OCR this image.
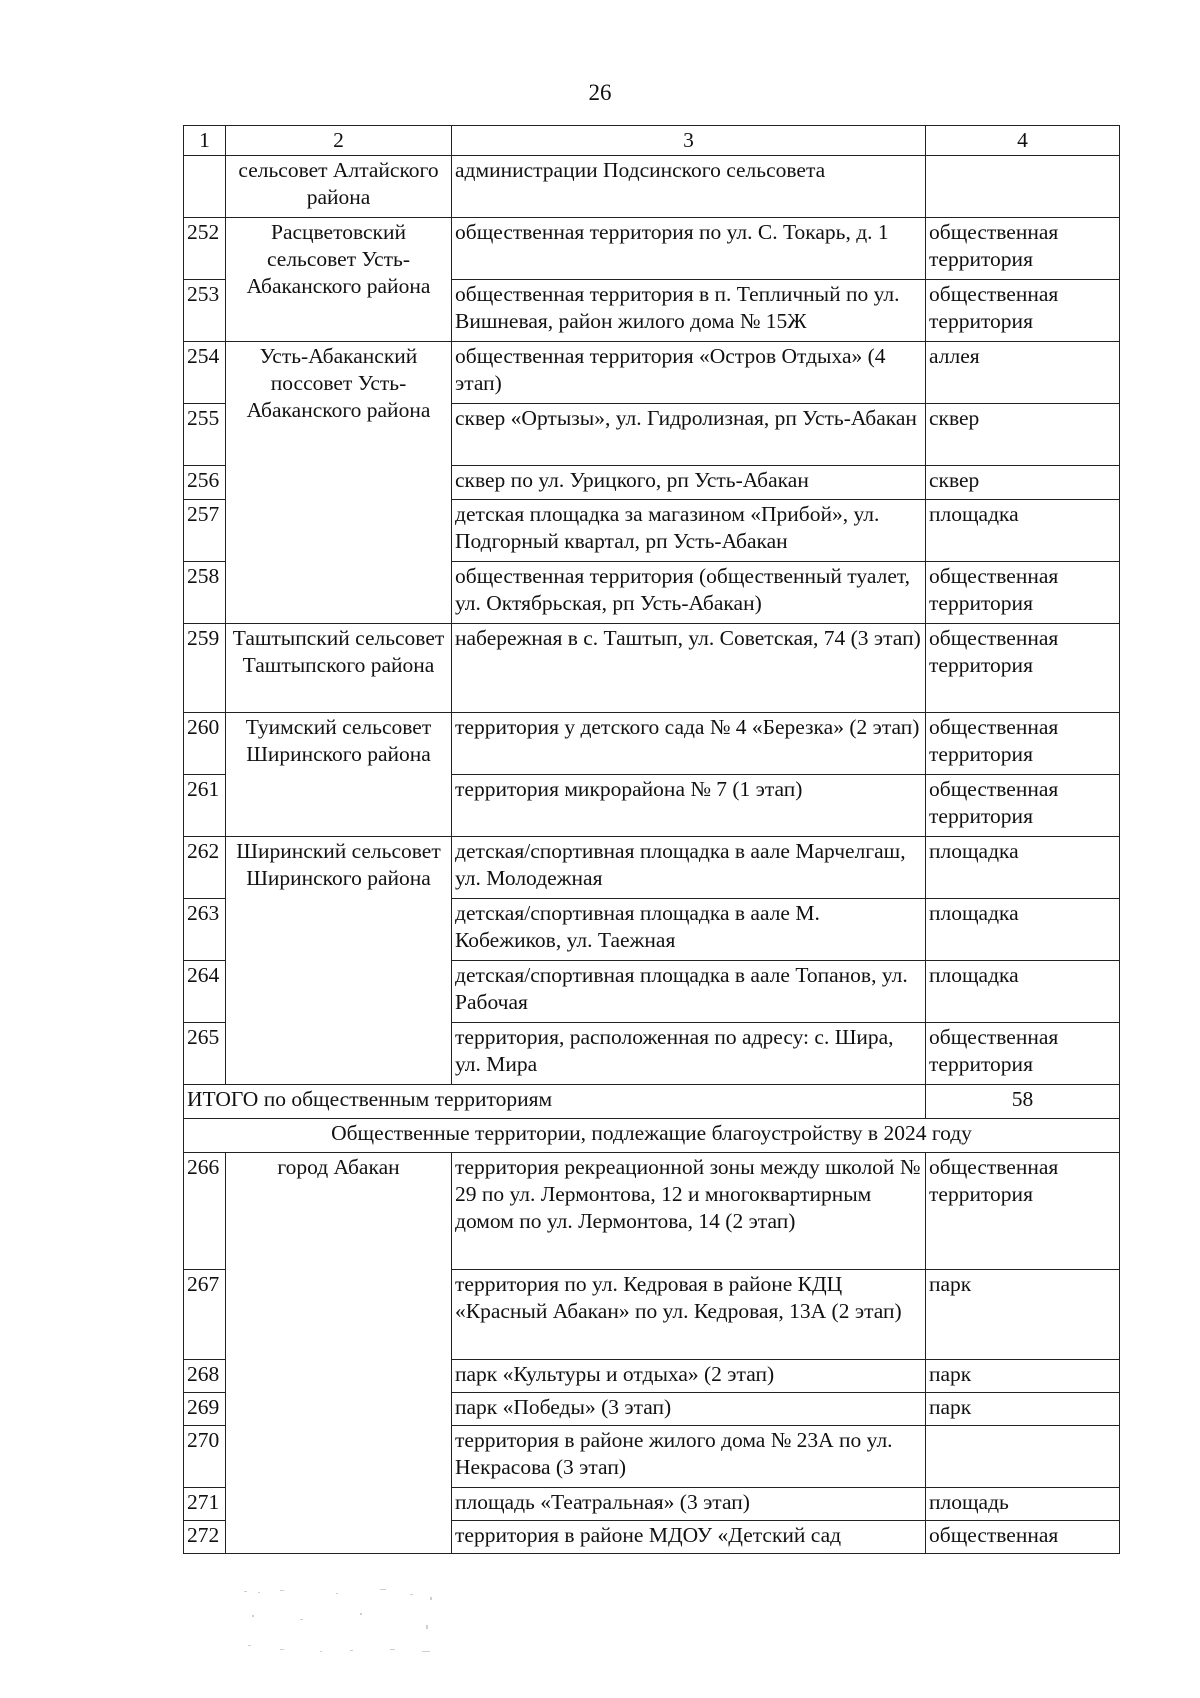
26
1	2	3	4
	сельсовет Алтайского района	администрации Подсинского сельсовета	
252	Расцветовский сельсовет Усть-Абаканского района	общественная территория по ул. С. Токарь, д. 1	общественная территория
253		общественная территория в п. Тепличный по ул. Вишневая, район жилого дома № 15Ж	общественная территория
254	Усть-Абаканский поссовет Усть-Абаканского района	общественная территория «Остров Отдыха» (4 этап)	аллея
255		сквер «Ортызы», ул. Гидролизная, рп Усть-Абакан	сквер
256		сквер по ул. Урицкого, рп Усть-Абакан	сквер
257		детская площадка за магазином «Прибой», ул. Подгорный квартал, рп Усть-Абакан	площадка
258		общественная территория (общественный туалет, ул. Октябрьская, рп Усть-Абакан)	общественная территория
259	Таштыпский сельсовет Таштыпского района	набережная в с. Таштып, ул. Советская, 74 (3 этап)	общественная территория
260	Туимский сельсовет Ширинского района	территория у детского сада № 4 «Березка» (2 этап)	общественная территория
261		территория микрорайона № 7 (1 этап)	общественная территория
262	Ширинский сельсовет Ширинского района	детская/спортивная площадка в аале Марчелгаш, ул. Молодежная	площадка
263		детская/спортивная площадка в аале М. Кобежиков, ул. Таежная	площадка
264		детская/спортивная площадка в аале Топанов, ул. Рабочая	площадка
265		территория, расположенная по адресу: с. Шира, ул. Мира	общественная территория
ИТОГО по общественным территориям			58
Общественные территории, подлежащие благоустройству в 2024 году			
266	город Абакан	территория рекреационной зоны между школой № 29 по ул. Лермонтова, 12 и многоквартирным домом по ул. Лермонтова, 14 (2 этап)	общественная территория
267		территория по ул. Кедровая в районе КДЦ «Красный Абакан» по ул. Кедровая, 13А (2 этап)	парк
268		парк «Культуры и отдыха» (2 этап)	парк
269		парк «Победы» (3 этап)	парк
270		территория в районе жилого дома № 23А по ул. Некрасова (3 этап)	
271		площадь «Театральная» (3 этап)	площадь
272		территория в районе МДОУ «Детский сад	общественная
